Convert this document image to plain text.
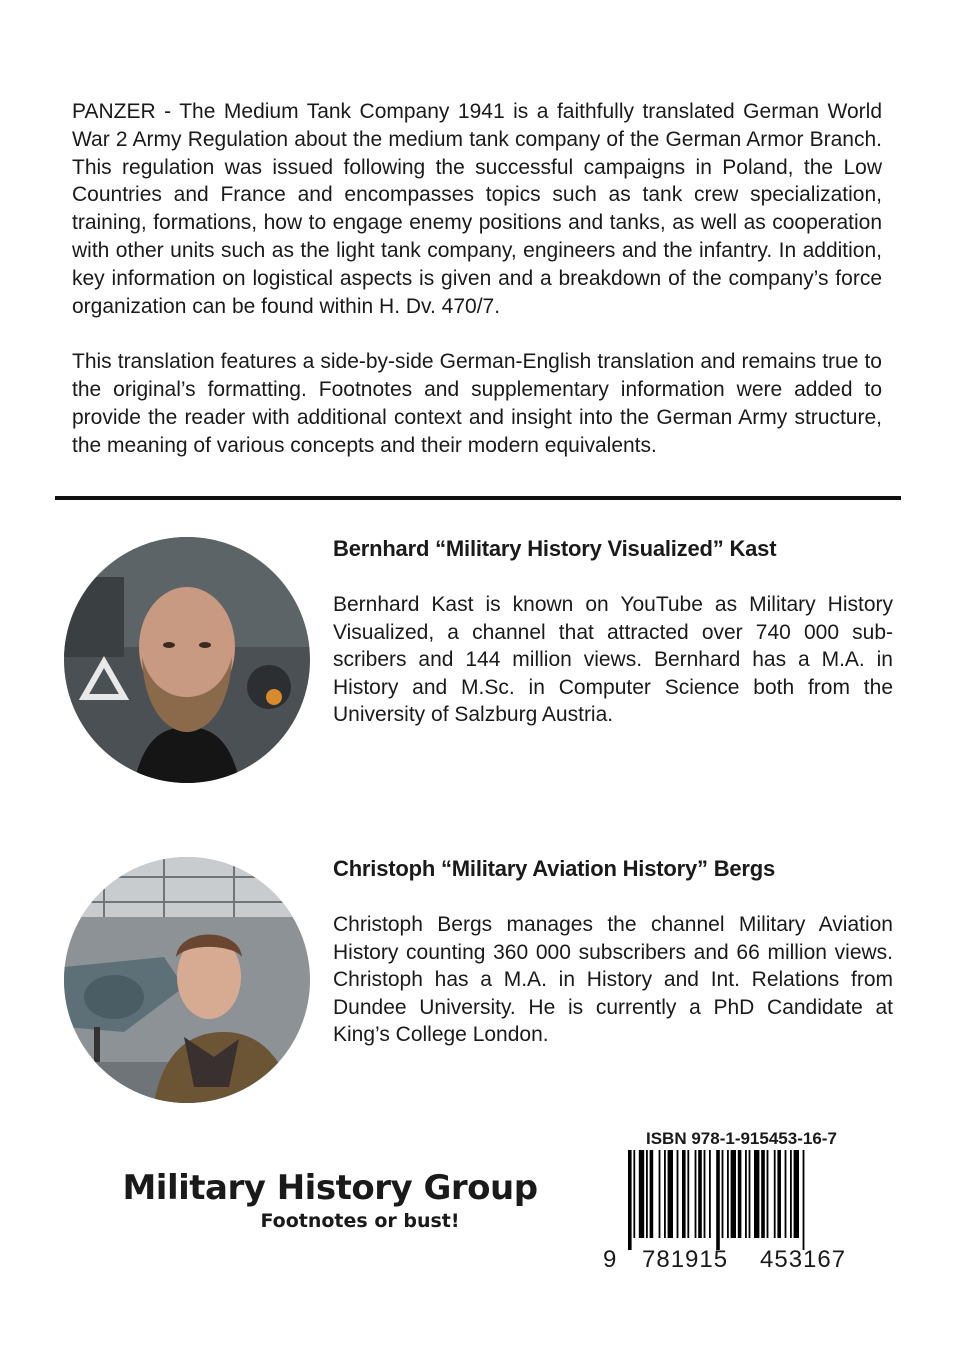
PANZER - The Medium Tank Company 1941 is a faithfully translated German World War 2 Army Regulation about the medium tank company of the German Armor Branch. This regulation was issued following the successful campaigns in Poland, the Low Countries and France and encompasses topics such as tank crew specialization, training, formations, how to engage enemy positions and tanks, as well as cooperation with other units such as the light tank company, engineers and the infantry. In addition, key information on logistical aspects is given and a breakdown of the company’s force organization can be found within H. Dv. 470/7.

This translation features a side-by-side German-English translation and remains true to the original’s formatting. Footnotes and supplementary information were added to provide the reader with additional context and insight into the German Army structure, the meaning of various concepts and their modern equivalents.

Bernhard “Military History Visualized” Kast

Bernhard Kast is known on YouTube as Military History Visualized, a channel that attracted over 740 000 subscribers and 144 million views. Bernhard has a M.A. in History and M.Sc. in Computer Science both from the University of Salzburg Austria.

Christoph “Military Aviation History” Bergs

Christoph Bergs manages the channel Military Aviation History counting 360 000 subscribers and 66 million views. Christoph has a M.A. in History and Int. Relations from Dundee University. He is currently a PhD Candidate at King’s College London.

Military History Group
Footnotes or bust!
ISBN 978-1-915453-16-7
9 781915 453167
